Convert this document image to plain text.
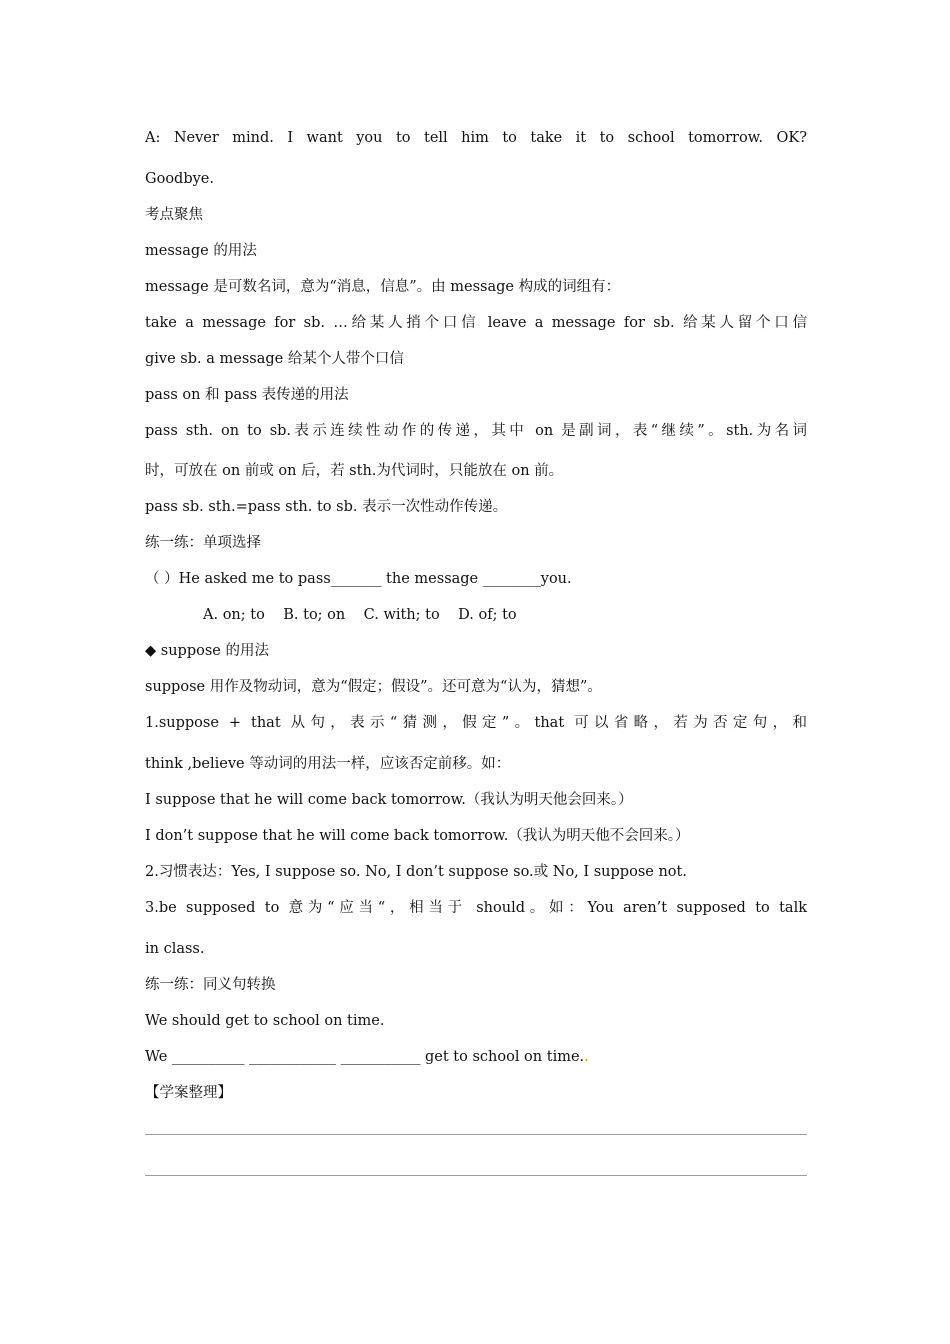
A: Never mind. I want you to tell him to take it to school tomorrow. OK?
Goodbye.
考点聚焦
message 的用法
message 是可数名词，意为“消息，信息”。由 message 构成的词组有：
take a message for sb. …给某人捎个口信 leave a message for sb. 给某人留个口信
give sb. a message 给某个人带个口信
pass on 和 pass 表传递的用法
pass sth. on to sb.表示连续性动作的传递，其中 on 是副词，表“继续”。sth.为名词
时，可放在 on 前或 on 后，若 sth.为代词时，只能放在 on 前。
pass sb. sth.=pass sth. to sb. 表示一次性动作传递。
练一练：单项选择
（ ）He asked me to pass_______ the message ________you.
A. on; to    B. to; on    C. with; to    D. of; to
◆ suppose 的用法
suppose 用作及物动词，意为“假定；假设”。还可意为“认为，猜想”。
1.suppose + that 从句，表示“猜测，假定”。that 可以省略，若为否定句，和
think ,believe 等动词的用法一样，应该否定前移。如：
I suppose that he will come back tomorrow.（我认为明天他会回来。）
I don’t suppose that he will come back tomorrow.（我认为明天他不会回来。）
2.习惯表达：Yes, I suppose so. No, I don’t suppose so.或 No, I suppose not.
3.be supposed to 意为“应当“，相当于 should。如：You aren’t supposed to talk
in class.
练一练：同义句转换
We should get to school on time.
We __________ ____________ ___________ get to school on time..
【学案整理】
